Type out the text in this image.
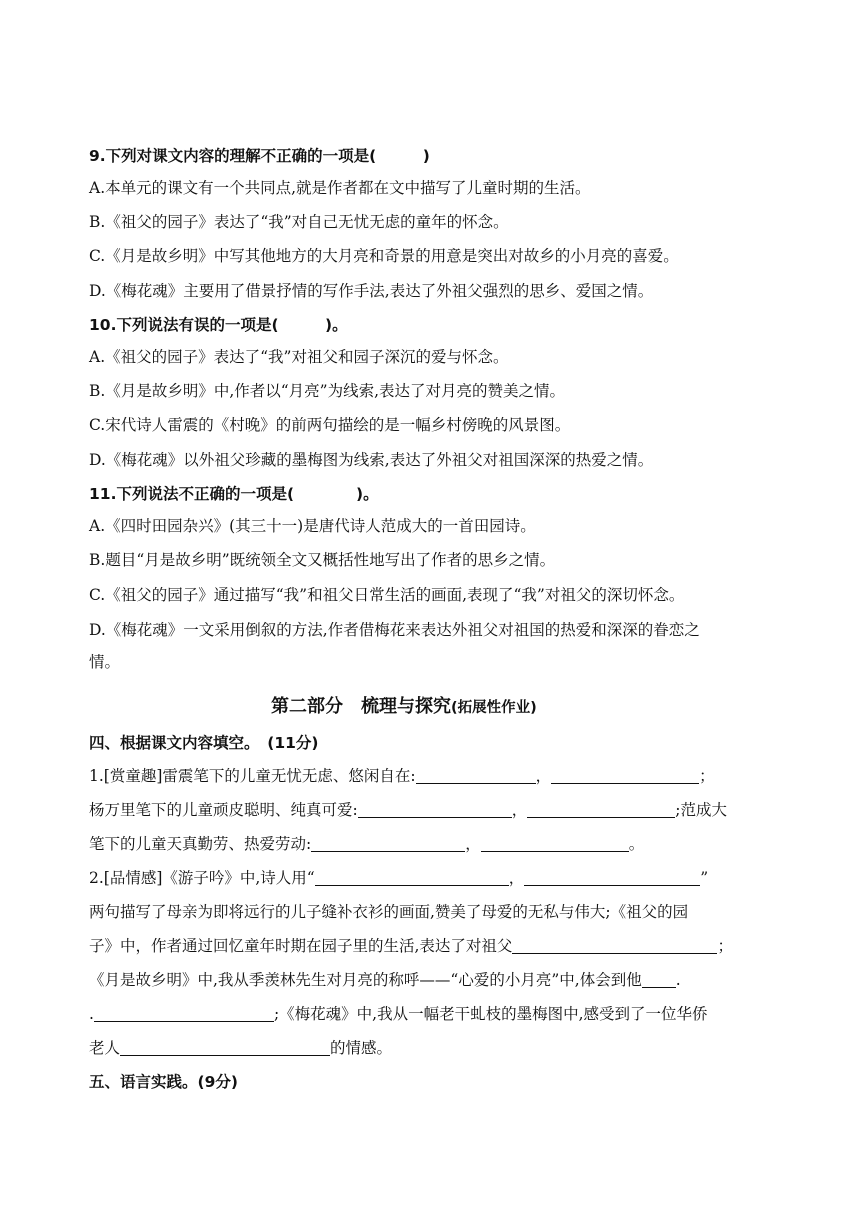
9.下列对课文内容的理解不正确的一项是(　　　)
A.本单元的课文有一个共同点,就是作者都在文中描写了儿童时期的生活。
B.《祖父的园子》表达了“我”对自己无忧无虑的童年的怀念。
C.《月是故乡明》中写其他地方的大月亮和奇景的用意是突出对故乡的小月亮的喜爱。
D.《梅花魂》主要用了借景抒情的写作手法,表达了外祖父强烈的思乡、爱国之情。
10.下列说法有误的一项是(　　　)。
A.《祖父的园子》表达了“我”对祖父和园子深沉的爱与怀念。
B.《月是故乡明》中,作者以“月亮”为线索,表达了对月亮的赞美之情。
C.宋代诗人雷震的《村晚》的前两句描绘的是一幅乡村傍晚的风景图。
D.《梅花魂》以外祖父珍藏的墨梅图为线索,表达了外祖父对祖国深深的热爱之情。
11.下列说法不正确的一项是(　　　　)。
A.《四时田园杂兴》(其三十一)是唐代诗人范成大的一首田园诗。
B.题目“月是故乡明”既统领全文又概括性地写出了作者的思乡之情。
C.《祖父的园子》通过描写“我”和祖父日常生活的画面,表现了“我”对祖父的深切怀念。
D.《梅花魂》一文采用倒叙的方法,作者借梅花来表达外祖父对祖国的热爱和深深的眷恋之
情。
第二部分　梳理与探究(拓展性作业)
四、根据课文内容填空。　(11分)
1.[赏童趣]雷震笔下的儿童无忧无虑、悠闲自在:	，	；
杨万里笔下的儿童顽皮聪明、纯真可爱:	，	;范成大
笔下的儿童天真勤劳、热爱劳动:	，	。
2.[品情感]《游子吟》中,诗人用“	，	”
两句描写了母亲为即将远行的儿子缝补衣衫的画面,赞美了母爱的无私与伟大;《祖父的园
子》中，作者通过回忆童年时期在园子里的生活,表达了对祖父	；
《月是故乡明》中,我从季羡林先生对月亮的称呼——“心爱的小月亮”中,体会到他 .
.	;《梅花魂》中,我从一幅老干虬枝的墨梅图中,感受到了一位华侨
老人	的情感。
五、语言实践。(9分)
